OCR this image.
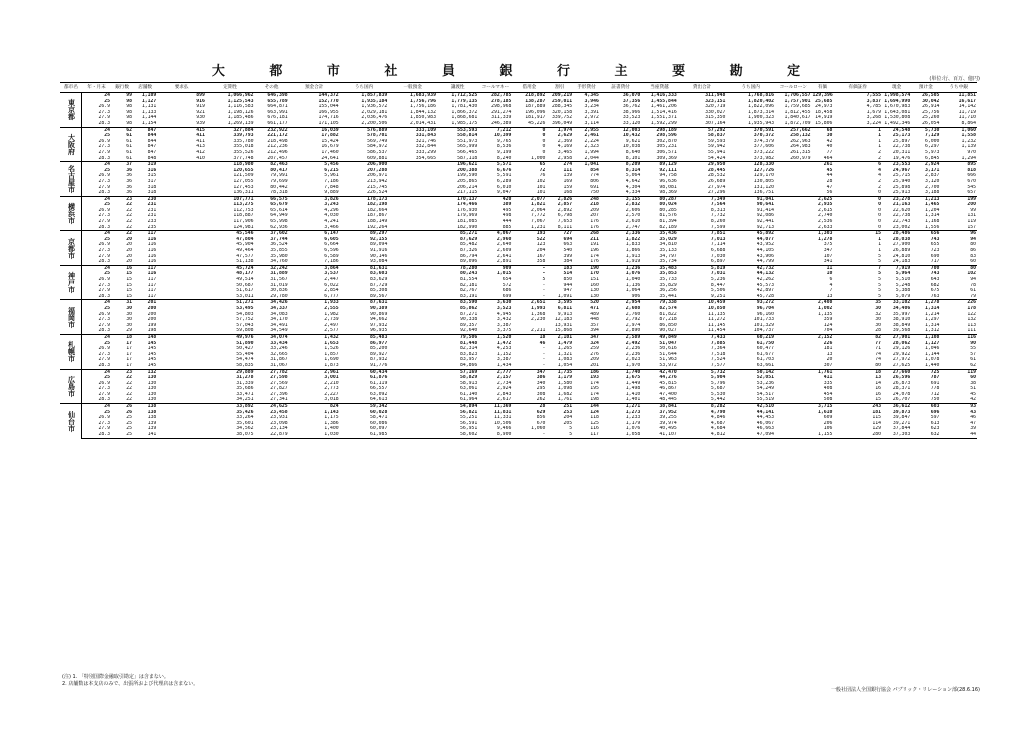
大 都 市 社 員 銀 行 主 要 勘 定	(単位:行、百万、億円)
都市名	年・月末	銀行数	店舗数	要求払	定期性	その他	預金合計	うち国内	一般預金	讓渡性	コールマネー	借用金	割引	手形貸付	証書貸付	当座貸越	貸出合計	うち国内	コールローン	有価	有価証券	現金	預け金	うち中銀
東京都	24	99	1,109	899	1,066,962	646,398	144,372	1,857,839	1,683,939	1,712,525	282,785	218,892	209,219	4,345	36,070	1,416,333	311,948	1,768,816	1,706,557	129,396	7,555	1,998,574	26,505	11,851
	25	98	1,127	916	1,125,543	655,789	152,770	1,935,184	1,756,796	1,779,135	278,185	138,287	259,011	3,946	37,356	1,455,844	323,151	1,820,402	1,757,901	25,685	3,837	1,694,990	30,042	16,617
	26.9	98	1,131	919	1,116,583	664,871	155,044	1,936,572	1,756,186	1,781,430	298,968	187,889	288,345	3,234	36,762	1,461,206	320,719	1,822,096	1,759,685	24,973	4,785	1,670,983	26,914	14,142
	27.3	98	1,133	921	1,198,126	663,991	166,955	2,029,181	1,844,132	1,866,372	291,274	196,096	320,158	3,391	38,966	1,514,416	330,027	1,873,314	1,812,455	18,458	1,679	1,643,081	25,756	11,719
	27.9	98	1,144	930	1,185,486	676,181	174,716	2,036,476	1,850,983	1,868,681	311,339	181,917	339,752	2,972	33,523	1,551,371	315,350	1,900,323	1,840,617	14,919	3,268	1,530,808	25,260	11,710
	28.3	98	1,154	939	1,269,139	661,177	171,105	2,200,506	2,014,431	1,985,175	246,389	45,226	396,049	3,114	33,120	1,592,299	307,164	1,935,943	1,872,709	15,806	3,224	1,492,346	26,054	8,864
大阪府	24	62	847	415	327,884	232,922	16,039	576,889	333,109	553,593	7,212	0	1,974	2,955	12,003	298,189	57,292	370,591	257,662	68	1	24,548	5,730	1,060
	25	61	844	411	339,793	221,172	17,882	578,701	331,843	558,814	10,399	0	2,629	2,461	10,432	298,596	58,837	370,372	258,132	30	1	25,173	7,129	1,558
	26.9	61	844	411	335,780	218,498	15,424	569,749	321,746	551,973	9,765	0	2,369	2,224	9,621	302,870	59,593	374,379	262,963	42	1	25,897	6,000	1,232
	27.3	61	847	413	355,018	212,236	16,679	584,972	332,844	565,999	8,536	0	4,169	2,323	10,038	305,231	59,942	377,606	264,983	40	1	22,738	6,297	1,139
	27.9	61	847	412	355,526	212,496	17,460	586,537	333,299	566,465	9,199	0	3,465	1,994	8,640	306,571	55,941	373,222	261,315	77	2	20,311	5,973	970
	28.3	61	848	410	377,748	207,457	24,641	609,881	354,665	587,118	8,240	1,000	2,958	2,044	8,101	309,369	54,424	373,982	260,979	464	2	19,476	6,845	1,294
名古屋市	24	37	319		118,980	82,463	5,456	206,900		196,621	5,571	65	274	1,041	8,209	89,129	29,950	128,330		261	6	23,553	2,924	895
	25	36	316		120,655	80,417	6,215	207,288		200,388	6,676	72	111	854	8,314	92,111	28,445	127,726		45	4	24,967	3,171	818
	26.9	36	315		121,509	79,991	5,961	206,971		199,590	5,591	76	139	774	5,064	94,758	28,532	129,170		44	4	25,715	2,837	666
	27.3	36	317		127,055	79,699	7,186	213,942		205,865	6,289	102	169	806	4,642	96,636	26,689	130,805		28	2	25,940	3,120	670
	27.9	36	318		127,453	80,442	7,848	215,745		206,214	6,010	101	159	691	4,304	98,081	27,974	131,120		47	2	25,898	2,700	545
	28.3	36	318		136,311	78,318	9,889	226,524		217,115	9,047	101	168	750	4,334	98,369	27,296	136,751		56	0	25,913	3,188	657
横浜市	24	23	230		107,771	66,575	3,826	178,173		170,137	420	2,077	2,826	248	3,155	80,287	7,349	91,041		2,625	0	23,278	1,213	199
	25	22	231		113,275	65,679	3,243	182,198		174,466	389	1,821	2,857	218	2,832	80,024	7,564	90,641		2,935	0	21,163	1,465	200
	26.9	22	231		112,753	65,614	4,296	182,664		176,930	495	2,064	2,892	209	2,606	80,285	8,313	91,414		2,615	0	22,620	1,204	99
	27.3	22	231		118,887	64,949	4,030	187,867		179,969	498	7,772	6,798	207	2,570	81,576	7,732	92,086		2,740	0	22,738	1,314	131
	27.9	22	233		117,906	65,998	4,241	188,149		181,085	444	7,067	7,653	176	2,610	81,394	8,260	92,441		2,536	0	22,743	1,168	119
	28.3	22	235		124,981	62,936	3,466	192,264		182,990	885	1,231	8,111	176	2,747	82,189	7,599	92,713		2,633	0	23,002	1,556	157
京都市	24	22	117		45,546	37,602	6,147	89,297		85,271	4,067	193	727	268	2,336	35,436	7,851	45,892		1,303	15	28,486	656	96
	25	20	116		47,804	37,744	6,605	92,155		87,629	2,960	522	694	211	1,822	35,029	7,013	44,077		1,278	1	28,038	743	94
	26.9	20	116		45,904	36,524	6,664	89,094		85,482	2,640	123	663	191	1,833	34,810	7,114	43,952		375	1	27,900	655	80
	27.3	20	116		49,464	35,855	6,596	91,916		87,326	2,609	204	540	196	1,866	35,133	6,688	44,105		347	1	26,889	723	86
	27.9	20	116		47,577	35,980	6,589	90,146		86,794	2,641	167	399	174	1,913	34,797	7,030	43,906		107	5	24,810	690	83
	28.3	20	116		51,138	34,760	7,186	93,084		89,096	2,891	358	384	176	1,919	35,734	6,897	44,799		341	5	24,183	717	60
神戸市	24	16	117		45,724	32,242	3,864	81,631		78,280	909	-	183	190	1,236	35,483	5,819	42,732		11	7	7,919	700	80
	25	15	116		48,177	31,889	3,537	83,603		80,243	1,015	-	514	170	1,076	35,853	7,031	44,132		10	5	5,964	743	102
	26.9	15	117		49,514	31,567	2,447	83,629		81,554	654	5	850	151	1,040	35,733	5,236	42,262		6	5	5,510	643	94
	27.3	15	117		50,687	31,019	6,022	87,729		82,181	572	-	944	160	1,136	35,829	8,447	45,573		4	5	5,248	682	78
	27.9	15	117		51,617	30,836	2,854	85,308		82,767	686	-	947	130	1,064	36,256	5,506	42,897		7	5	5,388	675	61
	28.3	15	117		53,011	29,780	6,777	89,567		83,191	699	-	1,091	130	906	35,441	9,251	45,728		13	5	5,079	763	79
福岡市	24	31	201		51,271	34,426	1,933	87,631		83,590	3,630	2,651	3,595	520	2,954	79,338	10,459	93,272		2,408	35	33,102	1,278	226
	25	30	200		53,495	34,337	2,555	90,389		85,862	3,523	1,993	6,811	471	2,608	82,574	10,850	96,704		1,002	30	34,406	1,314	178
	26.9	30	200		54,803	34,083	1,982	90,869		87,271	4,945	1,368	9,913	489	2,760	81,822	11,135	96,160		1,135	32	35,997	1,214	122
	27.3	30	200		57,752	34,170	2,739	94,662		90,338	3,432	2,230	12,183	448	2,792	87,218	11,272	101,733		359	30	38,910	1,297	132
	27.9	30	199		57,043	34,491	2,497	97,932		89,357	3,387		13,931	357	2,974	86,850	11,145	101,329		124	30	38,849	1,314	113
	28.3	29	198		59,808	34,549	2,577	96,935		92,640	3,375	2,211	15,868	394	2,890	90,027	11,454	104,737		704	28	39,568	1,312	111
札幌市	24	18	148		49,976	34,074	1,432	85,483		79,506	1,520	18	2,101	347	2,589	49,849	7,433	60,219		2,152	82	27,901	1,108	116
	25	17	145		51,890	33,434	1,653	86,977		81,448	1,472	46	1,479	324	2,492	51,047	7,885	61,750		226	77	28,062	1,127	90
	26.9	17	145		50,427	33,246	1,526	85,200		82,314	4,253	-	1,265	259	2,236	50,616	7,364	60,477		181	71	29,126	1,046	55
	27.3	17	145		55,404	32,665	1,857	89,927		83,823	1,152	-	1,321	276	2,236	51,644	7,518	61,677		13	74	29,922	1,144	57
	27.9	17	145		54,474	31,867	1,690	87,932		83,957	3,387	-	1,083	209	2,023	51,963	7,524	61,703		20	74	27,972	1,078	61
	28.3	17	145		58,835	31,067	1,873	91,776		84,866	1,434	-	1,054	201	1,970	53,972	7,577	63,661		307	80	27,625	1,440	62
広島市	24	23	132		29,889	27,782	2,961	60,434		57,169	2,777	347	1,735	186	1,740	42,470	5,732	50,142		1,761	18	27,660	725	119
	25	22	130		31,278	27,598	3,001	61,876		58,829	2,157	386	1,179	193	1,675	44,276	5,904	52,051		411	13	26,596	787	60
	26.9	22	130		31,339	27,569	2,210	61,119		58,913	2,734	340	1,580	174	1,449	45,815	5,796	53,236		335	14	26,873	691	38
	27.3	22	130		35,686	27,827	2,773	66,557		63,061	2,924	295	1,098	195	1,498	46,867	5,687	54,249		408	16	28,371	778	51
	27.9	22	130		33,471	27,396	2,227	63,092		61,140	2,843	308	1,682	174	1,410	47,400	5,530	54,517		454	16	24,078	712	45
	28.3	22	130		34,251	27,341	3,018	64,613		61,964	2,617	262	1,761	198	1,401	48,445	5,442	55,519		508	15	26,707	750	42
仙台市	24	26	138		33,892	24,625	824	59,342		54,894	11,369	28	251	144	1,271	38,841	8,282	42,510		3,715	243	36,612	603	93
	25	26	138		35,426	23,458	1,143	60,028		56,821	11,831	629	253	124	1,273	37,952	4,790	44,141		1,610	181	39,873	696	43
	26.9	25	138		33,264	23,931	1,175	58,471		55,251	11,331	856	204	118	1,233	39,255	4,846	44,453		609	115	39,847	597	46
	27.3	25	139		35,601	23,098	1,386	60,086		56,591	10,506	670	205	125	1,179	39,974	4,687	46,067		206	114	39,271	613	47
	27.9	25	139		34,562	23,134	1,400	60,097		56,951	9,466	1,060	5	116	1,076	40,495	4,684	46,663		106	129	37,844	623	39
	28.3	25	141		38,075	22,879	1,030	61,985		58,602	8,900	-	5	117	1,058	41,107	4,812	47,094		1,155	280	37,303	632	44
(注) 1. 「特別国際金融取引勘定」は含まない。
2. 店舗数は本支店のみで、出張所および代理店は含まない。
一般社団法人全国銀行協会 パブリック・リレーション部(28.6.16)
